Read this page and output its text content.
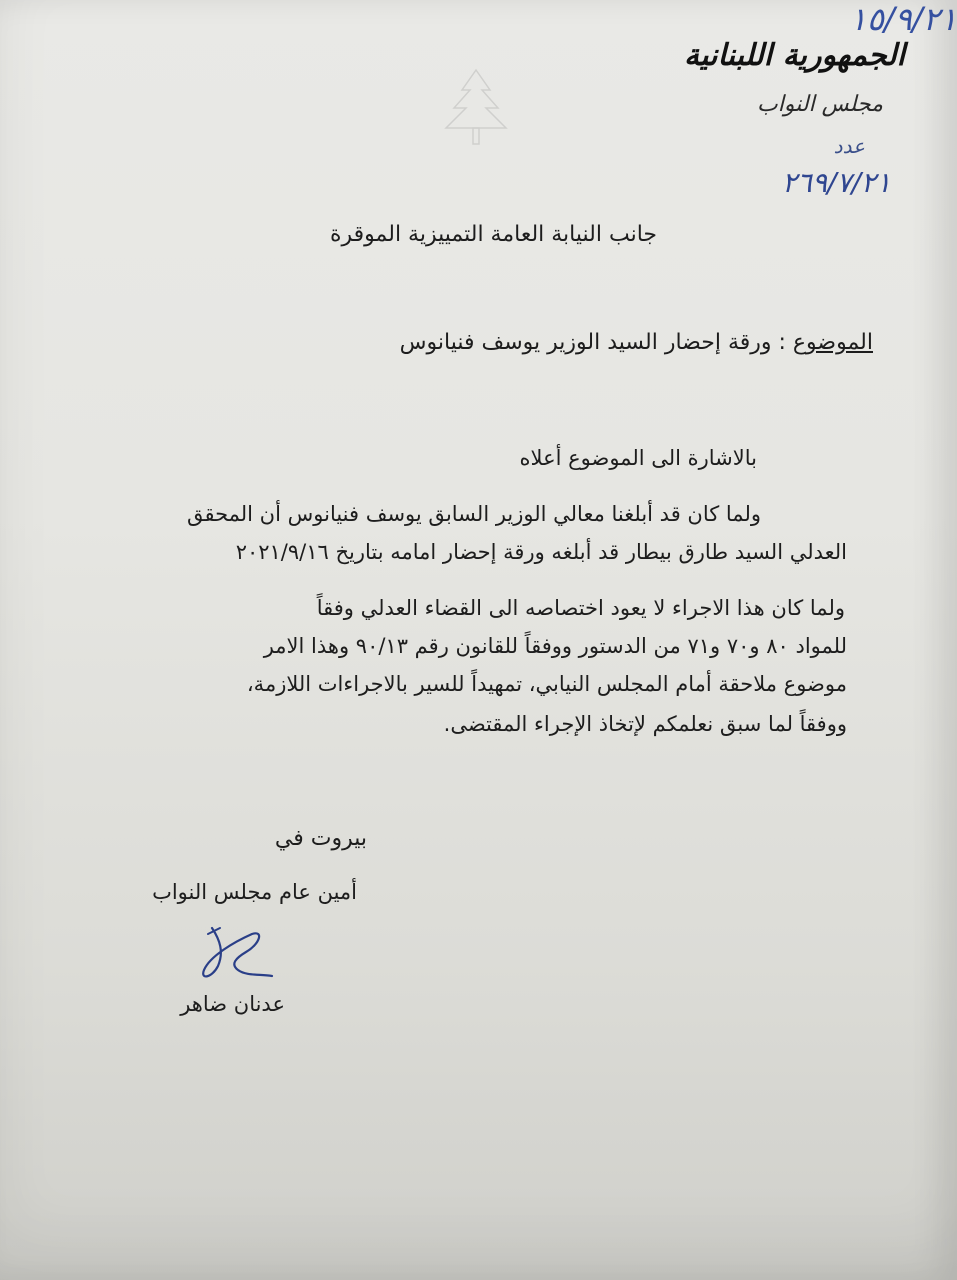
الجمهورية اللبنانية
مجلس النواب
عدد
٢٦٩/٧/٢١
جانب النيابة العامة التمييزية الموقرة
الموضوع : ورقة إحضار السيد الوزير يوسف فنيانوس
بالاشارة الى الموضوع أعلاه
ولما كان قد أبلغنا معالي الوزير السابق يوسف فنيانوس أن المحقق
العدلي السيد طارق بيطار قد أبلغه ورقة إحضار امامه بتاريخ ٢٠٢١/٩/١٦
ولما كان هذا الاجراء لا يعود اختصاصه الى القضاء العدلي وفقاً
للمواد ٨٠ و٧٠ و٧١ من الدستور ووفقاً للقانون رقم ٩٠/١٣ وهذا الامر
موضوع ملاحقة أمام المجلس النيابي، تمهيداً للسير بالاجراءات اللازمة،
ووفقاً لما سبق نعلمكم لإتخاذ الإجراء المقتضى.
١٥/٩/٢١
بيروت في
أمين عام مجلس النواب
عدنان ضاهر
